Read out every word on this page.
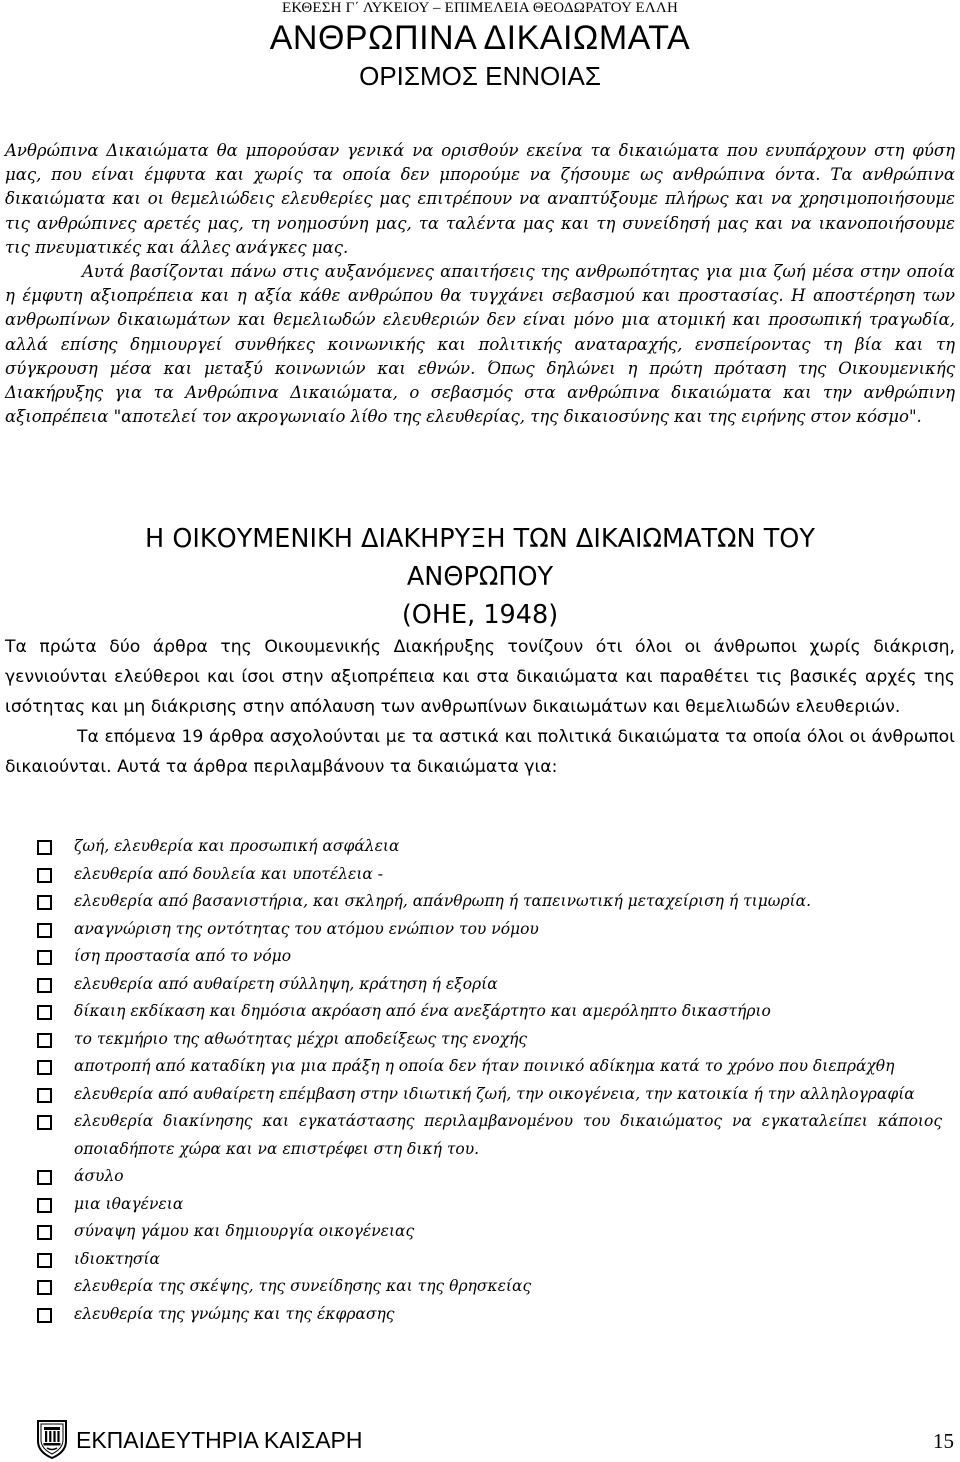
ΕΚΘΕΣΗ Γ΄ ΛΥΚΕΙΟΥ – ΕΠΙΜΕΛΕΙΑ ΘΕΟΔΩΡΑΤΟΥ ΕΛΛΗ
ΑΝΘΡΩΠΙΝΑ ΔΙΚΑΙΩΜΑΤΑ
ΟΡΙΣΜΟΣ ΕΝΝΟΙΑΣ

Ανθρώπινα Δικαιώματα θα μπορούσαν γενικά να ορισθούν εκείνα τα δικαιώματα που ενυπάρχουν στη φύση μας, που είναι έμφυτα και χωρίς τα οποία δεν μπορούμε να ζήσουμε ως ανθρώπινα όντα. Τα ανθρώπινα δικαιώματα και οι θεμελιώδεις ελευθερίες μας επιτρέπουν να αναπτύξουμε πλήρως και να χρησιμοποιήσουμε τις ανθρώπινες αρετές μας, τη νοημοσύνη μας, τα ταλέντα μας και τη συνείδησή μας και να ικανοποιήσουμε τις πνευματικές και άλλες ανάγκες μας.

Αυτά βασίζονται πάνω στις αυξανόμενες απαιτήσεις της ανθρωπότητας για μια ζωή μέσα στην οποία η έμφυτη αξιοπρέπεια και η αξία κάθε ανθρώπου θα τυγχάνει σεβασμού και προστασίας. Η αποστέρηση των ανθρωπίνων δικαιωμάτων και θεμελιωδών ελευθεριών δεν είναι μόνο μια ατομική και προσωπική τραγωδία, αλλά επίσης δημιουργεί συνθήκες κοινωνικής και πολιτικής αναταραχής, ενσπείροντας τη βία και τη σύγκρουση μέσα και μεταξύ κοινωνιών και εθνών. Όπως δηλώνει η πρώτη πρόταση της Οικουμενικής Διακήρυξης για τα Ανθρώπινα Δικαιώματα, ο σεβασμός στα ανθρώπινα δικαιώματα και την ανθρώπινη αξιοπρέπεια "αποτελεί τον ακρογωνιαίο λίθο της ελευθερίας, της δικαιοσύνης και της ειρήνης στον κόσμο".

Η ΟΙΚΟΥΜΕΝΙΚΗ ΔΙΑΚΗΡΥΞΗ ΤΩΝ ΔΙΚΑΙΩΜΑΤΩΝ ΤΟΥ
ΑΝΘΡΩΠΟΥ
(ΟΗΕ, 1948)

Τα πρώτα δύο άρθρα της Οικουμενικής Διακήρυξης τονίζουν ότι όλοι οι άνθρωποι χωρίς διάκριση, γεννιούνται ελεύθεροι και ίσοι στην αξιοπρέπεια και στα δικαιώματα και παραθέτει τις βασικές αρχές της ισότητας και μη διάκρισης στην απόλαυση των ανθρωπίνων δικαιωμάτων και θεμελιωδών ελευθεριών.

Τα επόμενα 19 άρθρα ασχολούνται με τα αστικά και πολιτικά δικαιώματα τα οποία όλοι οι άνθρωποι δικαιούνται. Αυτά τα άρθρα περιλαμβάνουν τα δικαιώματα για:

ζωή, ελευθερία και προσωπική ασφάλεια
ελευθερία από δουλεία και υποτέλεια -
ελευθερία από βασανιστήρια, και σκληρή, απάνθρωπη ή ταπεινωτική μεταχείριση ή τιμωρία.
αναγνώριση της οντότητας του ατόμου ενώπιον του νόμου
ίση προστασία από το νόμο
ελευθερία από αυθαίρετη σύλληψη, κράτηση ή εξορία
δίκαιη εκδίκαση και δημόσια ακρόαση από ένα ανεξάρτητο και αμερόληπτο δικαστήριο
το τεκμήριο της αθωότητας μέχρι αποδείξεως της ενοχής
αποτροπή από καταδίκη για μια πράξη η οποία δεν ήταν ποινικό αδίκημα κατά το χρόνο που διεπράχθη
ελευθερία από αυθαίρετη επέμβαση στην ιδιωτική ζωή, την οικογένεια, την κατοικία ή την αλληλογραφία
ελευθερία διακίνησης και εγκατάστασης περιλαμβανομένου του δικαιώματος να εγκαταλείπει κάποιος οποιαδήποτε χώρα και να επιστρέφει στη δική του.
άσυλο
μια ιθαγένεια
σύναψη γάμου και δημιουργία οικογένειας
ιδιοκτησία
ελευθερία της σκέψης, της συνείδησης και της θρησκείας
ελευθερία της γνώμης και της έκφρασης
ΕΚΠΑΙΔΕΥΤΗΡΙΑ ΚΑΙΣΑΡΗ	15
